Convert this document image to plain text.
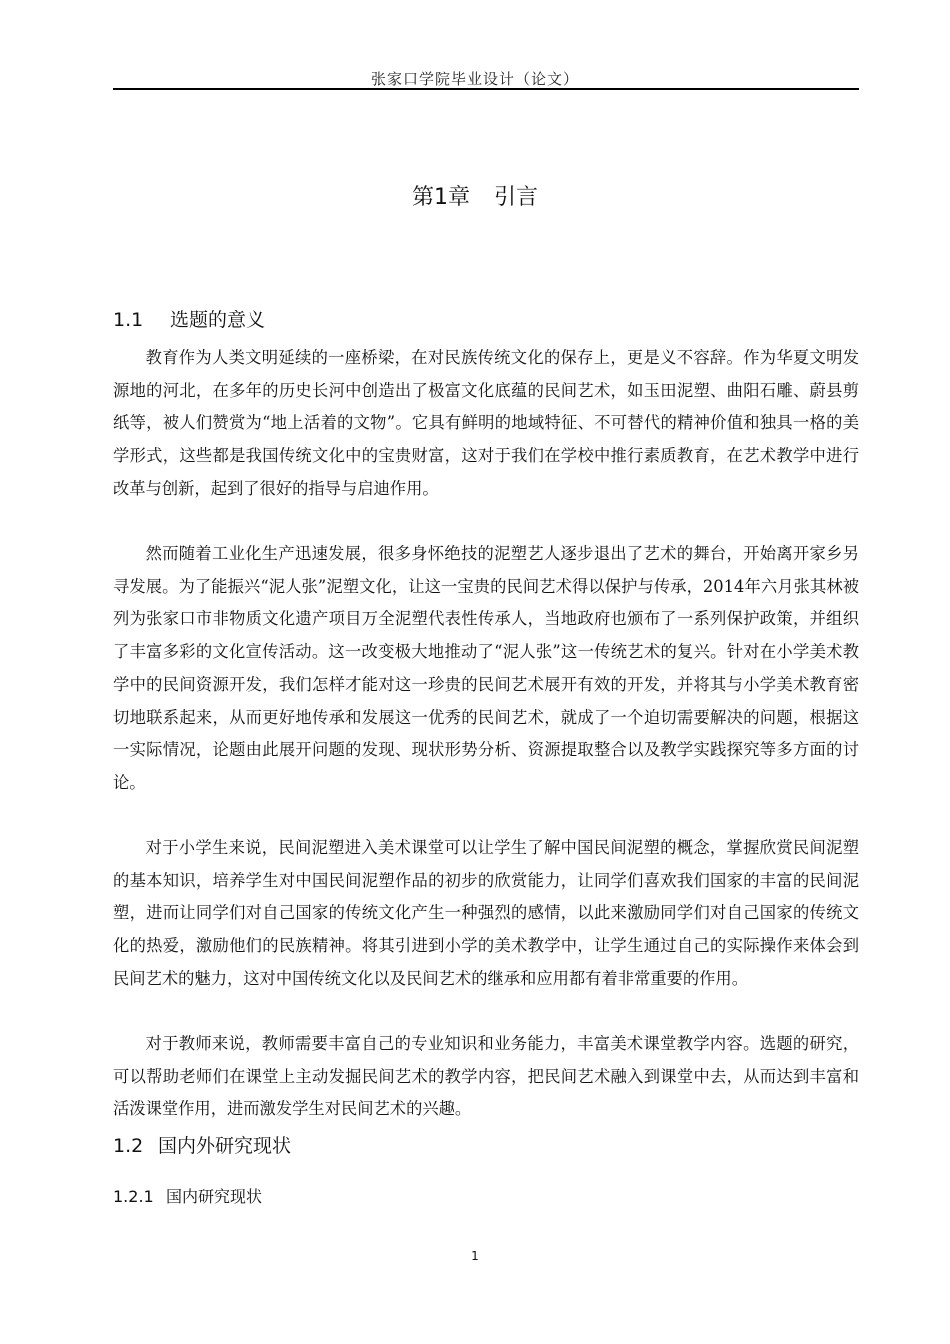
张家口学院毕业设计（论文）
第1章 引言
1.1 选题的意义

教育作为人类文明延续的一座桥梁，在对民族传统文化的保存上，更是义不容辞。作为华夏文明发源地的河北，在多年的历史长河中创造出了极富文化底蕴的民间艺术，如玉田泥塑、曲阳石雕、蔚县剪纸等，被人们赞赏为“地上活着的文物”。它具有鲜明的地域特征、不可替代的精神价值和独具一格的美学形式，这些都是我国传统文化中的宝贵财富，这对于我们在学校中推行素质教育，在艺术教学中进行改革与创新，起到了很好的指导与启迪作用。

然而随着工业化生产迅速发展，很多身怀绝技的泥塑艺人逐步退出了艺术的舞台，开始离开家乡另寻发展。为了能振兴“泥人张”泥塑文化，让这一宝贵的民间艺术得以保护与传承，2014年六月张其林被列为张家口市非物质文化遗产项目万全泥塑代表性传承人，当地政府也颁布了一系列保护政策，并组织了丰富多彩的文化宣传活动。这一改变极大地推动了“泥人张”这一传统艺术的复兴。针对在小学美术教学中的民间资源开发，我们怎样才能对这一珍贵的民间艺术展开有效的开发，并将其与小学美术教育密切地联系起来，从而更好地传承和发展这一优秀的民间艺术，就成了一个迫切需要解决的问题，根据这一实际情况，论题由此展开问题的发现、现状形势分析、资源提取整合以及教学实践探究等多方面的讨论。

对于小学生来说，民间泥塑进入美术课堂可以让学生了解中国民间泥塑的概念，掌握欣赏民间泥塑的基本知识，培养学生对中国民间泥塑作品的初步的欣赏能力，让同学们喜欢我们国家的丰富的民间泥塑，进而让同学们对自己国家的传统文化产生一种强烈的感情，以此来激励同学们对自己国家的传统文化的热爱，激励他们的民族精神。将其引进到小学的美术教学中，让学生通过自己的实际操作来体会到民间艺术的魅力，这对中国传统文化以及民间艺术的继承和应用都有着非常重要的作用。

对于教师来说，教师需要丰富自己的专业知识和业务能力，丰富美术课堂教学内容。选题的研究，可以帮助老师们在课堂上主动发掘民间艺术的教学内容，把民间艺术融入到课堂中去，从而达到丰富和活泼课堂作用，进而激发学生对民间艺术的兴趣。

1.2 国内外研究现状
1.2.1 国内研究现状
1
